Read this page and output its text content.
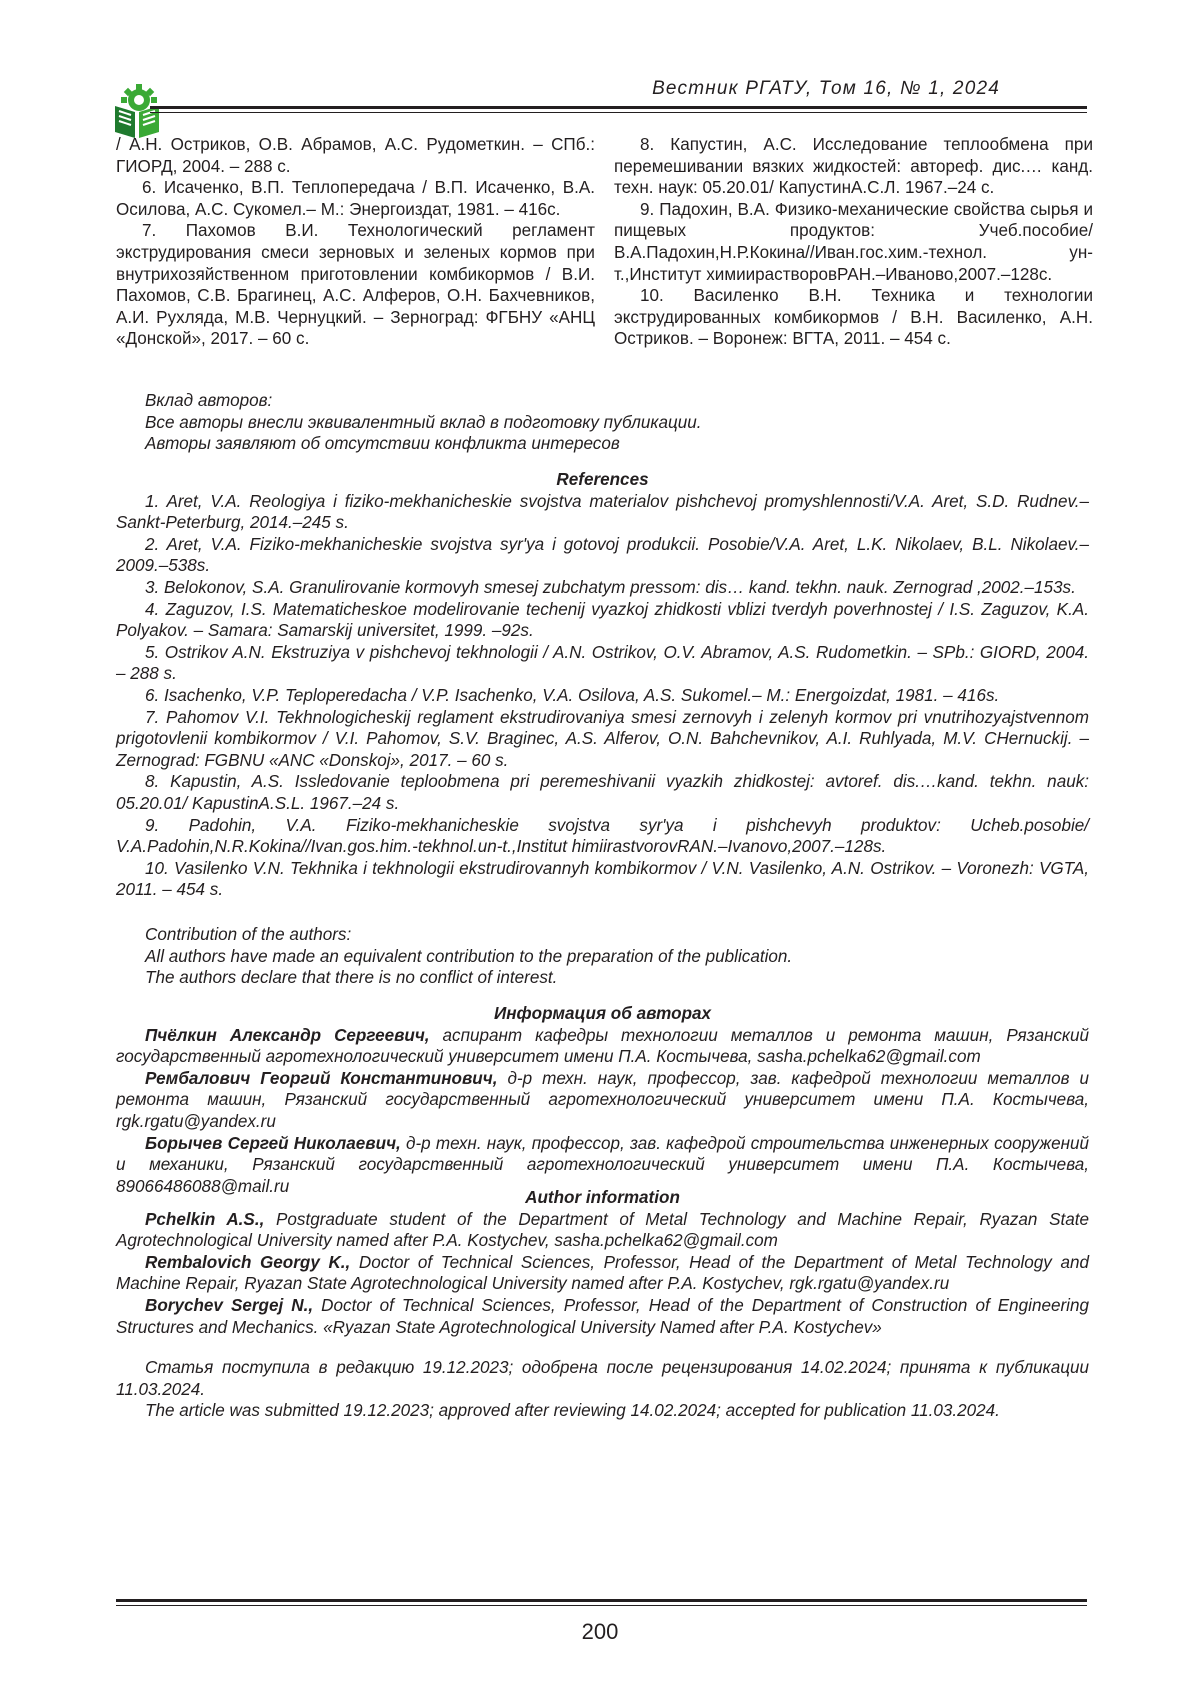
Вестник РГАТУ, Том 16, № 1, 2024

/ А.Н. Остриков, О.В. Абрамов, А.С. Рудометкин. – СПб.: ГИОРД, 2004. – 288 с.

6. Исаченко, В.П. Теплопередача / В.П. Исаченко, В.А. Осилова, А.С. Сукомел.– М.: Энергоиздат, 1981. – 416с.

7. Пахомов В.И. Технологический регламент экструдирования смеси зерновых и зеленых кормов при внутрихозяйственном приготовлении комбикормов / В.И. Пахомов, С.В. Брагинец, А.С. Алферов, О.Н. Бахчевников, А.И. Рухляда, М.В. Чернуцкий. – Зерноград: ФГБНУ «АНЦ «Донской», 2017. – 60 с.

8. Капустин, А.С. Исследование теплообмена при перемешивании вязких жидкостей: автореф. дис.… канд. техн. наук: 05.20.01/ КапустинА.С.Л. 1967.–24 с.

9. Падохин, В.А. Физико-механические свойства сырья и пищевых продуктов: Учеб.пособие/ В.А.Падохин,Н.Р.Кокина//Иван.гос.хим.-технол. ун-т.,Институт химиирастворовРАН.–Иваново,2007.–128с.

10. Василенко В.Н. Техника и технологии экструдированных комбикормов / В.Н. Василенко, А.Н. Остриков. – Воронеж: ВГТА, 2011. – 454 с.

Вклад авторов:

Все авторы внесли эквивалентный вклад в подготовку публикации.

Авторы заявляют об отсутствии конфликта интересов

References

1. Aret, V.A. Reologiya i fiziko-mekhanicheskie svojstva materialov pishchevoj promyshlennosti/V.A. Aret, S.D. Rudnev.– Sankt-Peterburg, 2014.–245 s.

2. Aret, V.A. Fiziko-mekhanicheskie svojstva syr'ya i gotovoj produkcii. Posobie/V.A. Aret, L.K. Nikolaev, B.L. Nikolaev.–2009.–538s.

3. Belokonov, S.A. Granulirovanie kormovyh smesej zubchatym pressom: dis… kand. tekhn. nauk. Zernograd ,2002.–153s.

4. Zaguzov, I.S. Matematicheskoe modelirovanie techenij vyazkoj zhidkosti vblizi tverdyh poverhnostej / I.S. Zaguzov, K.A. Polyakov. – Samara: Samarskij universitet, 1999. –92s.

5. Ostrikov A.N. Ekstruziya v pishchevoj tekhnologii / A.N. Ostrikov, O.V. Abramov, A.S. Rudometkin. – SPb.: GIORD, 2004. – 288 s.

6. Isachenko, V.P. Teploperedacha / V.P. Isachenko, V.A. Osilova, A.S. Sukomel.– M.: Energoizdat, 1981. – 416s.

7. Pahomov V.I. Tekhnologicheskij reglament ekstrudirovaniya smesi zernovyh i zelenyh kormov pri vnutrihozyajstvennom prigotovlenii kombikormov / V.I. Pahomov, S.V. Braginec, A.S. Alferov, O.N. Bahchevnikov, A.I. Ruhlyada, M.V. CHernuckij. – Zernograd: FGBNU «ANC «Donskoj», 2017. – 60 s.

8. Kapustin, A.S. Issledovanie teploobmena pri peremeshivanii vyazkih zhidkostej: avtoref. dis.…kand. tekhn. nauk: 05.20.01/ KapustinA.S.L. 1967.–24 s.

9. Padohin, V.A. Fiziko-mekhanicheskie svojstva syr'ya i pishchevyh produktov: Ucheb.posobie/ V.A.Padohin,N.R.Kokina//Ivan.gos.him.-tekhnol.un-t.,Institut himiirastvorovRAN.–Ivanovo,2007.–128s.

10. Vasilenko V.N. Tekhnika i tekhnologii ekstrudirovannyh kombikormov / V.N. Vasilenko, A.N. Ostrikov. – Voronezh: VGTA, 2011. – 454 s.

Contribution of the authors:

All authors have made an equivalent contribution to the preparation of the publication.

The authors declare that there is no conflict of interest.

Информация об авторах

Пчёлкин Александр Сергеевич, аспирант кафедры технологии металлов и ремонта машин, Рязанский государственный агротехнологический университет имени П.А. Костычева, sasha.pchelka62@gmail.com

Рембалович Георгий Константинович, д-р техн. наук, профессор, зав. кафедрой технологии металлов и ремонта машин, Рязанский государственный агротехнологический университет имени П.А. Костычева, rgk.rgatu@yandex.ru

Борычев Сергей Николаевич, д-р техн. наук, профессор, зав. кафедрой строительства инженерных сооружений и механики, Рязанский государственный агротехнологический университет имени П.А. Костычева, 89066486088@mail.ru

Author information

Pchelkin A.S., Postgraduate student of the Department of Metal Technology and Machine Repair, Ryazan State Agrotechnological University named after P.A. Kostychev, sasha.pchelka62@gmail.com

Rembalovich Georgy K., Doctor of Technical Sciences, Professor, Head of the Department of Metal Technology and Machine Repair, Ryazan State Agrotechnological University named after P.A. Kostychev, rgk.rgatu@yandex.ru

Borychev Sergej N., Doctor of Technical Sciences, Professor, Head of the Department of Construction of Engineering Structures and Mechanics. «Ryazan State Agrotechnological University Named after P.A. Kostychev»

Статья поступила в редакцию 19.12.2023; одобрена после рецензирования 14.02.2024; принята к публикации 11.03.2024.

The article was submitted 19.12.2023; approved after reviewing 14.02.2024; accepted for publication 11.03.2024.

200
